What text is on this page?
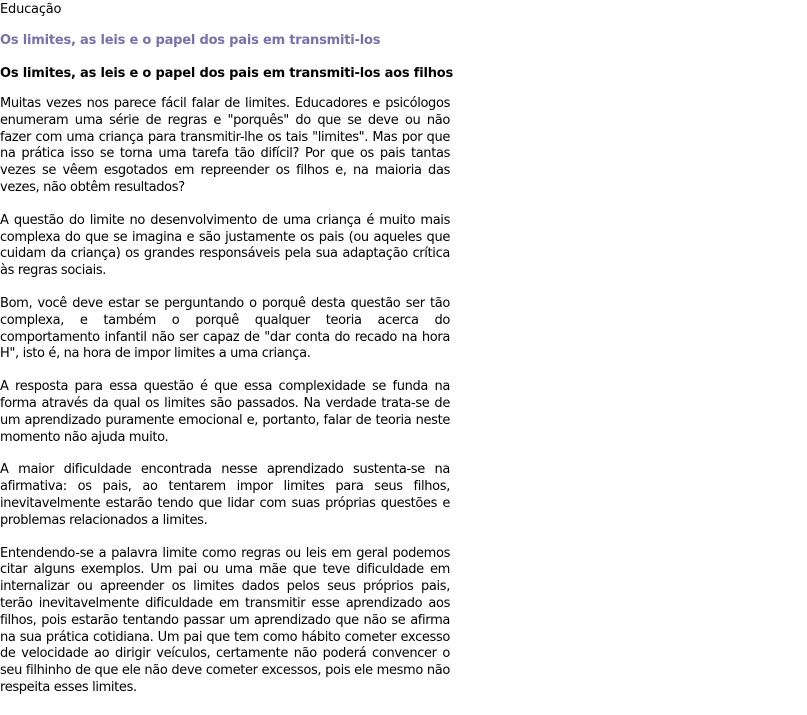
Educação
Os limites, as leis e o papel dos pais em transmiti-los
Os limites, as leis e o papel dos pais em transmiti-los aos filhos

Muitas vezes nos parece fácil falar de limites. Educadores e psicólogos enumeram uma série de regras e "porquês" do que se deve ou não fazer com uma criança para transmitir-lhe os tais "limites". Mas por que na prática isso se torna uma tarefa tão difícil? Por que os pais tantas vezes se vêem esgotados em repreender os filhos e, na maioria das vezes, não obtêm resultados?

A questão do limite no desenvolvimento de uma criança é muito mais complexa do que se imagina e são justamente os pais (ou aqueles que cuidam da criança) os grandes responsáveis pela sua adaptação crítica às regras sociais.

Bom, você deve estar se perguntando o porquê desta questão ser tão complexa, e também o porquê qualquer teoria acerca do comportamento infantil não ser capaz de "dar conta do recado na hora H", isto é, na hora de impor limites a uma criança.

A resposta para essa questão é que essa complexidade se funda na forma através da qual os limites são passados. Na verdade trata-se de um aprendizado puramente emocional e, portanto, falar de teoria neste momento não ajuda muito.

A maior dificuldade encontrada nesse aprendizado sustenta-se na afirmativa: os pais, ao tentarem impor limites para seus filhos, inevitavelmente estarão tendo que lidar com suas próprias questões e problemas relacionados a limites.

Entendendo-se a palavra limite como regras ou leis em geral podemos citar alguns exemplos. Um pai ou uma mãe que teve dificuldade em internalizar ou apreender os limites dados pelos seus próprios pais, terão inevitavelmente dificuldade em transmitir esse aprendizado aos filhos, pois estarão tentando passar um aprendizado que não se afirma na sua prática cotidiana. Um pai que tem como hábito cometer excesso de velocidade ao dirigir veículos, certamente não poderá convencer o seu filhinho de que ele não deve cometer excessos, pois ele mesmo não respeita esses limites.
